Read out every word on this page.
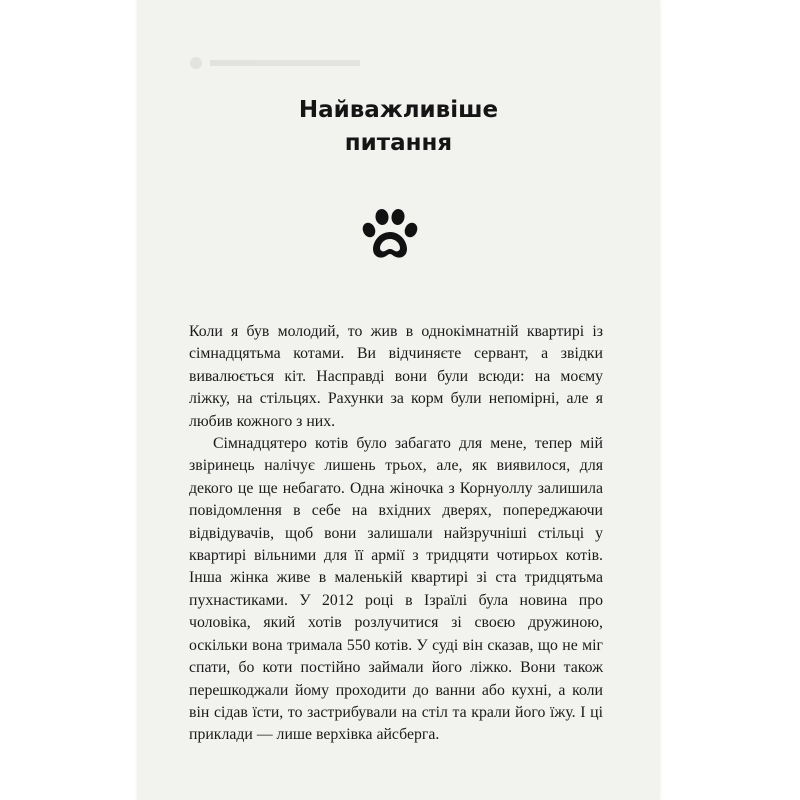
Найважливіше
питання

Коли я був молодий, то жив в однокімнатній квартирі із сімнадцятьма котами. Ви відчиняєте сервант, а звідки вивалюється кіт. Насправді вони були всюди: на моєму ліжку, на стільцях. Рахунки за корм були непомірні, але я любив кожного з них.

Сімнадцятеро котів було забагато для мене, тепер мій звіринець налічує лишень трьох, але, як виявилося, для декого це ще небагато. Одна жіночка з Корнуоллу залишила повідомлення в себе на вхідних дверях, попереджаючи відвідувачів, щоб вони залишали найзручніші стільці у квартирі вільними для її армії з тридцяти чотирьох котів. Інша жінка живе в маленькій квартирі зі ста тридцятьма пухнастиками. У 2012 році в Ізраїлі була новина про чоловіка, який хотів розлучитися зі своєю дружиною, оскільки вона тримала 550 котів. У суді він сказав, що не міг спати, бо коти постійно займали його ліжко. Вони також перешкоджали йому проходити до ванни або кухні, а коли він сідав їсти, то застрибували на стіл та крали його їжу. І ці приклади — лише верхівка айсберга.
